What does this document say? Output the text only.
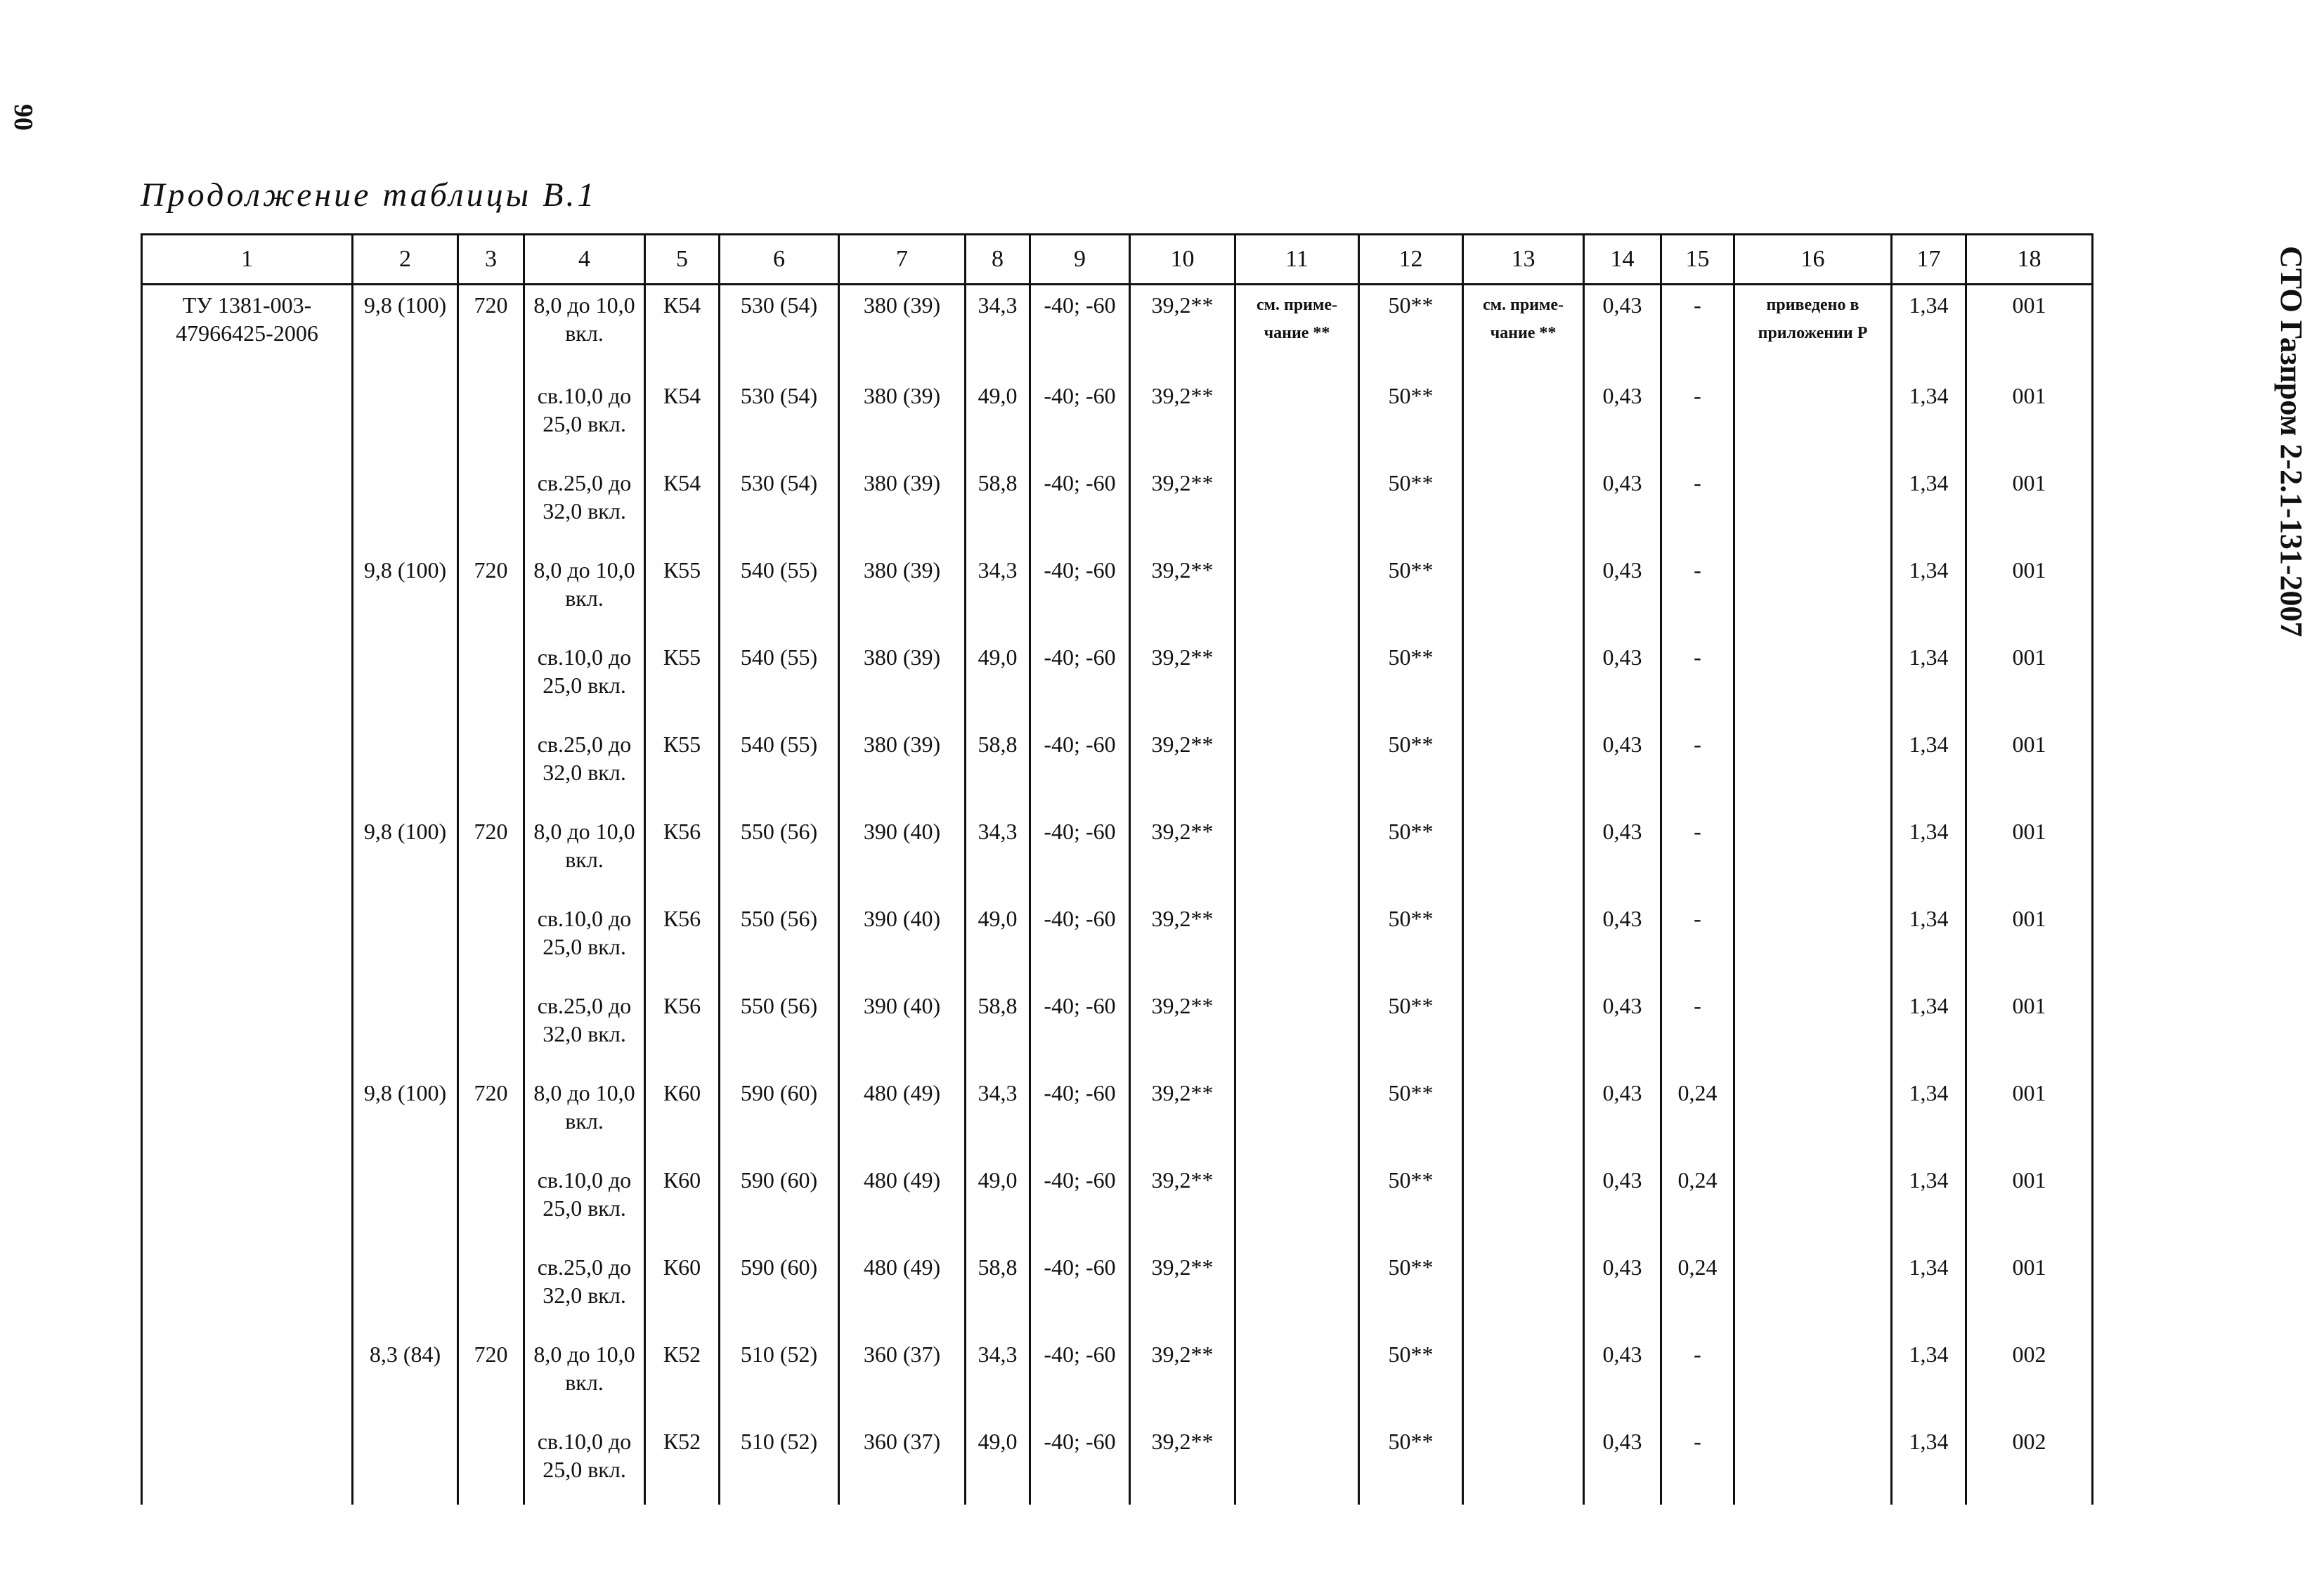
90
СТО Газпром 2-2.1-131-2007
Продолжение таблицы В.1
1	2	3	4	5	6	7	8	9	10	11	12	13	14	15	16	17	18
ТУ 1381-003-47966425-2006	9,8 (100)	720	8,0 до 10,0 вкл.	К54	530 (54)	380 (39)	34,3	-40; -60	39,2**	см. приме-чание **	50**	см. приме-чание **	0,43	-	приведено в приложении Р	1,34	001
			св.10,0 до 25,0 вкл.	К54	530 (54)	380 (39)	49,0	-40; -60	39,2**		50**		0,43	-		1,34	001
			св.25,0 до 32,0 вкл.	К54	530 (54)	380 (39)	58,8	-40; -60	39,2**		50**		0,43	-		1,34	001
	9,8 (100)	720	8,0 до 10,0 вкл.	К55	540 (55)	380 (39)	34,3	-40; -60	39,2**		50**		0,43	-		1,34	001
			св.10,0 до 25,0 вкл.	К55	540 (55)	380 (39)	49,0	-40; -60	39,2**		50**		0,43	-		1,34	001
			св.25,0 до 32,0 вкл.	К55	540 (55)	380 (39)	58,8	-40; -60	39,2**		50**		0,43	-		1,34	001
	9,8 (100)	720	8,0 до 10,0 вкл.	К56	550 (56)	390 (40)	34,3	-40; -60	39,2**		50**		0,43	-		1,34	001
			св.10,0 до 25,0 вкл.	К56	550 (56)	390 (40)	49,0	-40; -60	39,2**		50**		0,43	-		1,34	001
			св.25,0 до 32,0 вкл.	К56	550 (56)	390 (40)	58,8	-40; -60	39,2**		50**		0,43	-		1,34	001
	9,8 (100)	720	8,0 до 10,0 вкл.	К60	590 (60)	480 (49)	34,3	-40; -60	39,2**		50**		0,43	0,24		1,34	001
			св.10,0 до 25,0 вкл.	К60	590 (60)	480 (49)	49,0	-40; -60	39,2**		50**		0,43	0,24		1,34	001
			св.25,0 до 32,0 вкл.	К60	590 (60)	480 (49)	58,8	-40; -60	39,2**		50**		0,43	0,24		1,34	001
	8,3 (84)	720	8,0 до 10,0 вкл.	К52	510 (52)	360 (37)	34,3	-40; -60	39,2**		50**		0,43	-		1,34	002
			св.10,0 до 25,0 вкл.	К52	510 (52)	360 (37)	49,0	-40; -60	39,2**		50**		0,43	-		1,34	002
